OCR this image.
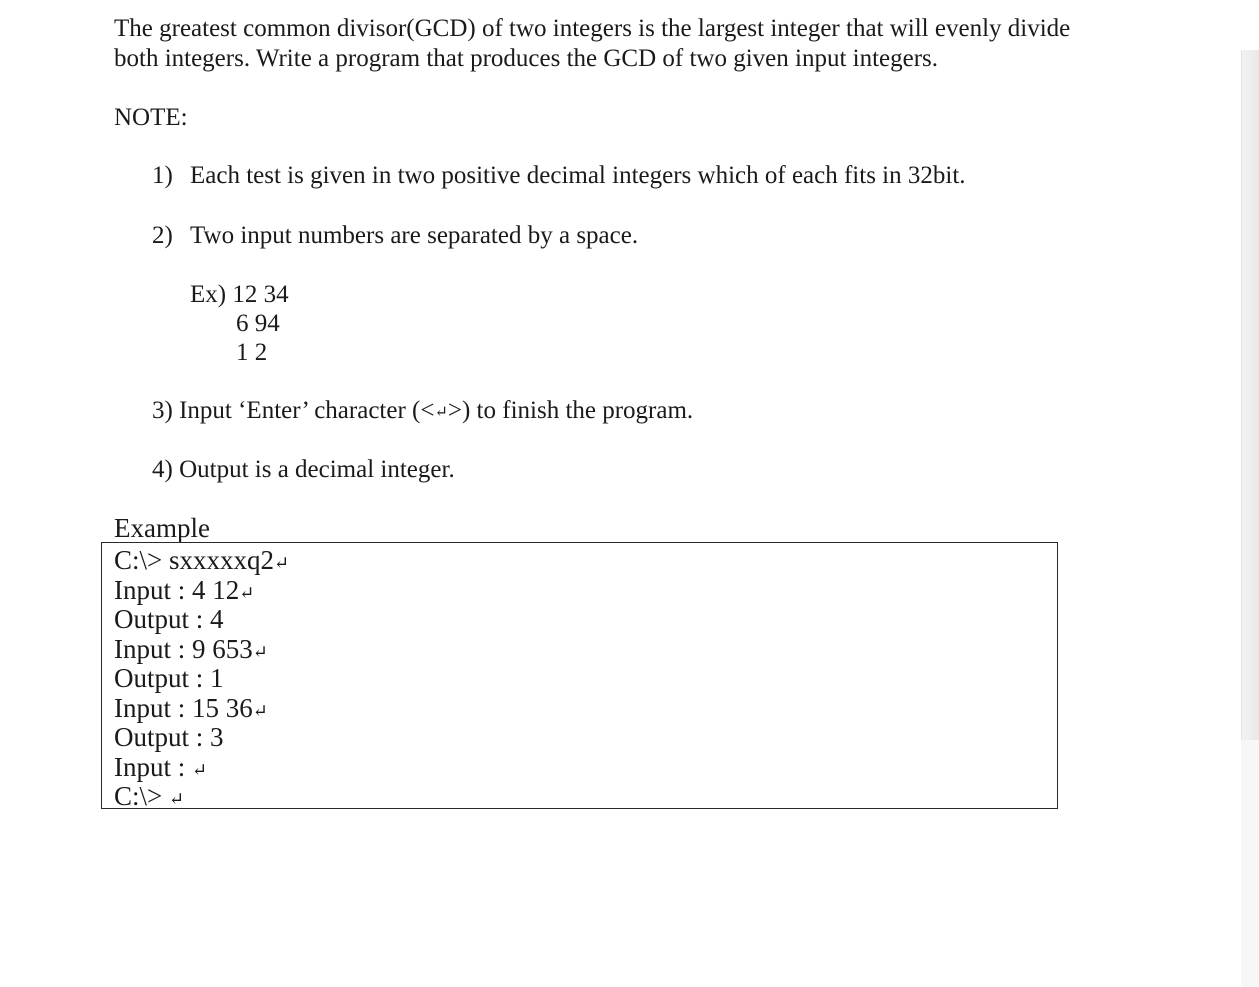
The greatest common divisor(GCD) of two integers is the largest integer that will evenly divide
both integers. Write a program that produces the GCD of two given input integers.
NOTE:
1) Each test is given in two positive decimal integers which of each fits in 32bit.
2) Two input numbers are separated by a space.
Ex) 12 34
6 94
1 2
3) Input ‘Enter’ character (<↵>) to finish the program.
4) Output is a decimal integer.
Example
C:\> sxxxxxq2↵
Input : 4 12↵
Output : 4
Input : 9 653↵
Output : 1
Input : 15 36↵
Output : 3
Input : ↵
C:\> ↵
